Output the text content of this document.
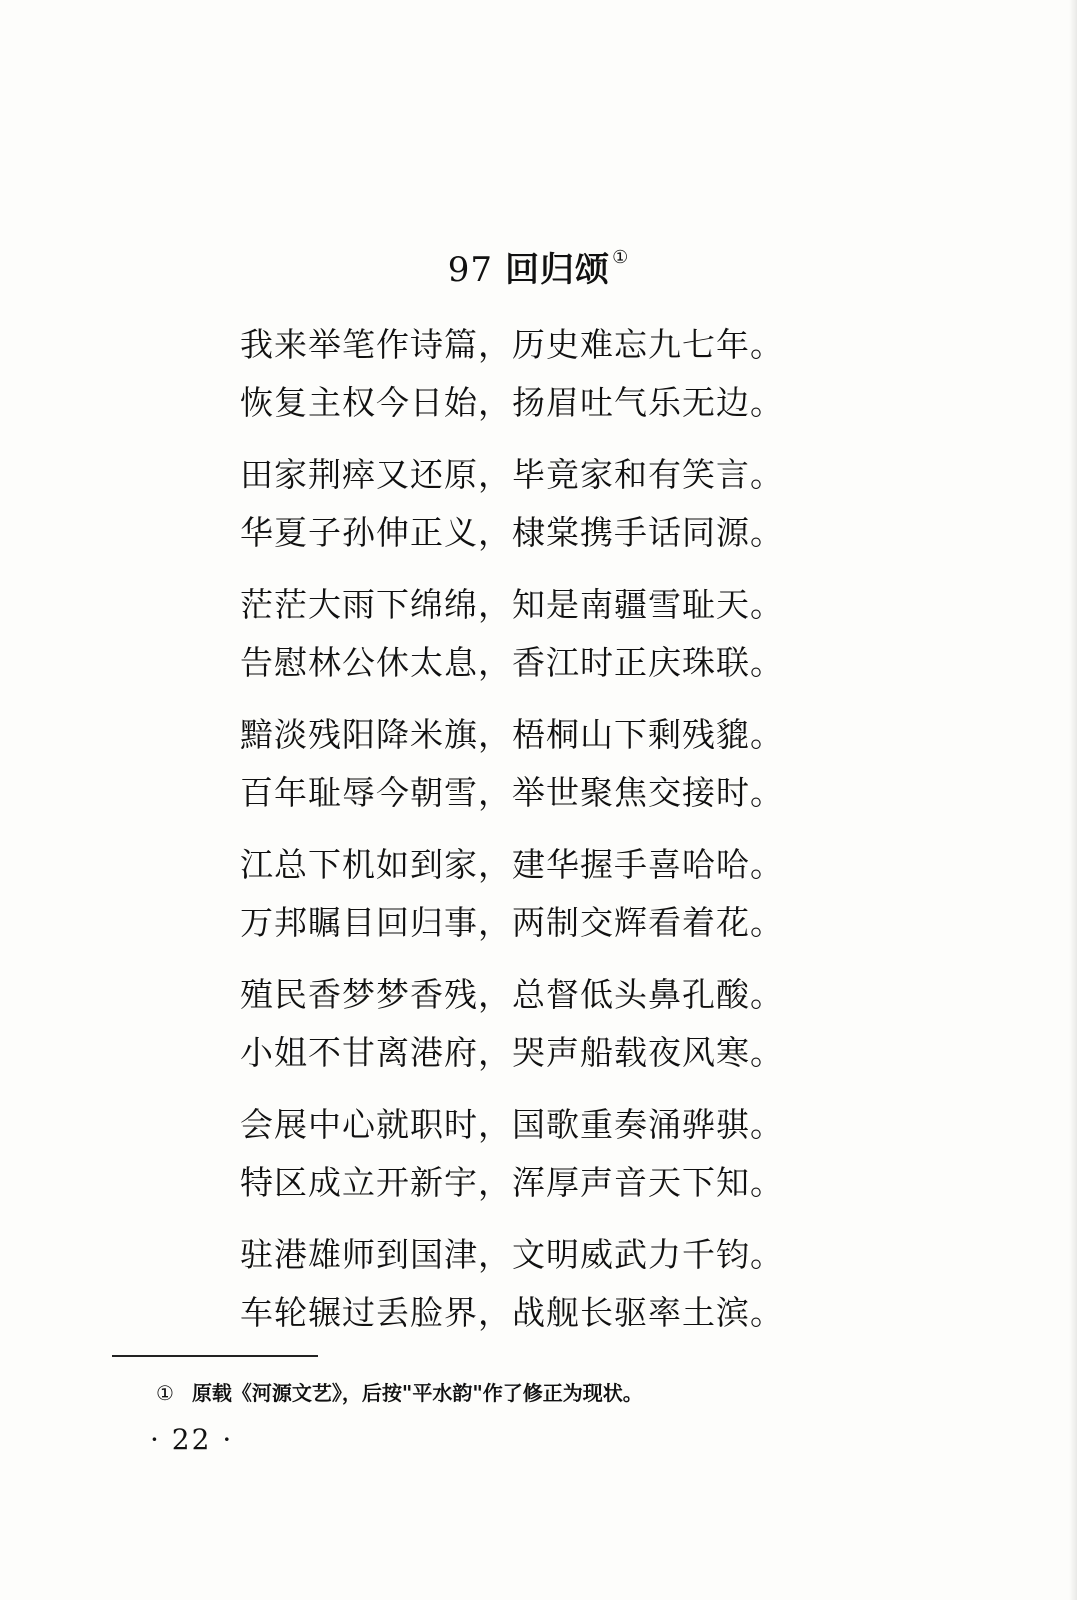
97 回归颂 ①
我来举笔作诗篇，历史难忘九七年。
恢复主权今日始，扬眉吐气乐无边。
田家荆瘁又还原，毕竟家和有笑言。
华夏子孙伸正义，棣棠携手话同源。
茫茫大雨下绵绵，知是南疆雪耻天。
告慰林公休太息，香江时正庆珠联。
黯淡残阳降米旗，梧桐山下剩残貔。
百年耻辱今朝雪，举世聚焦交接时。
江总下机如到家，建华握手喜哈哈。
万邦瞩目回归事，两制交辉看着花。
殖民香梦梦香残，总督低头鼻孔酸。
小姐不甘离港府，哭声船载夜风寒。
会展中心就职时，国歌重奏涌骅骐。
特区成立开新宇，浑厚声音天下知。
驻港雄师到国津，文明威武力千钧。
车轮辗过丢脸界，战舰长驱率土滨。
① 原载《河源文艺》，后按"平水韵"作了修正为现状。
· 22 ·
